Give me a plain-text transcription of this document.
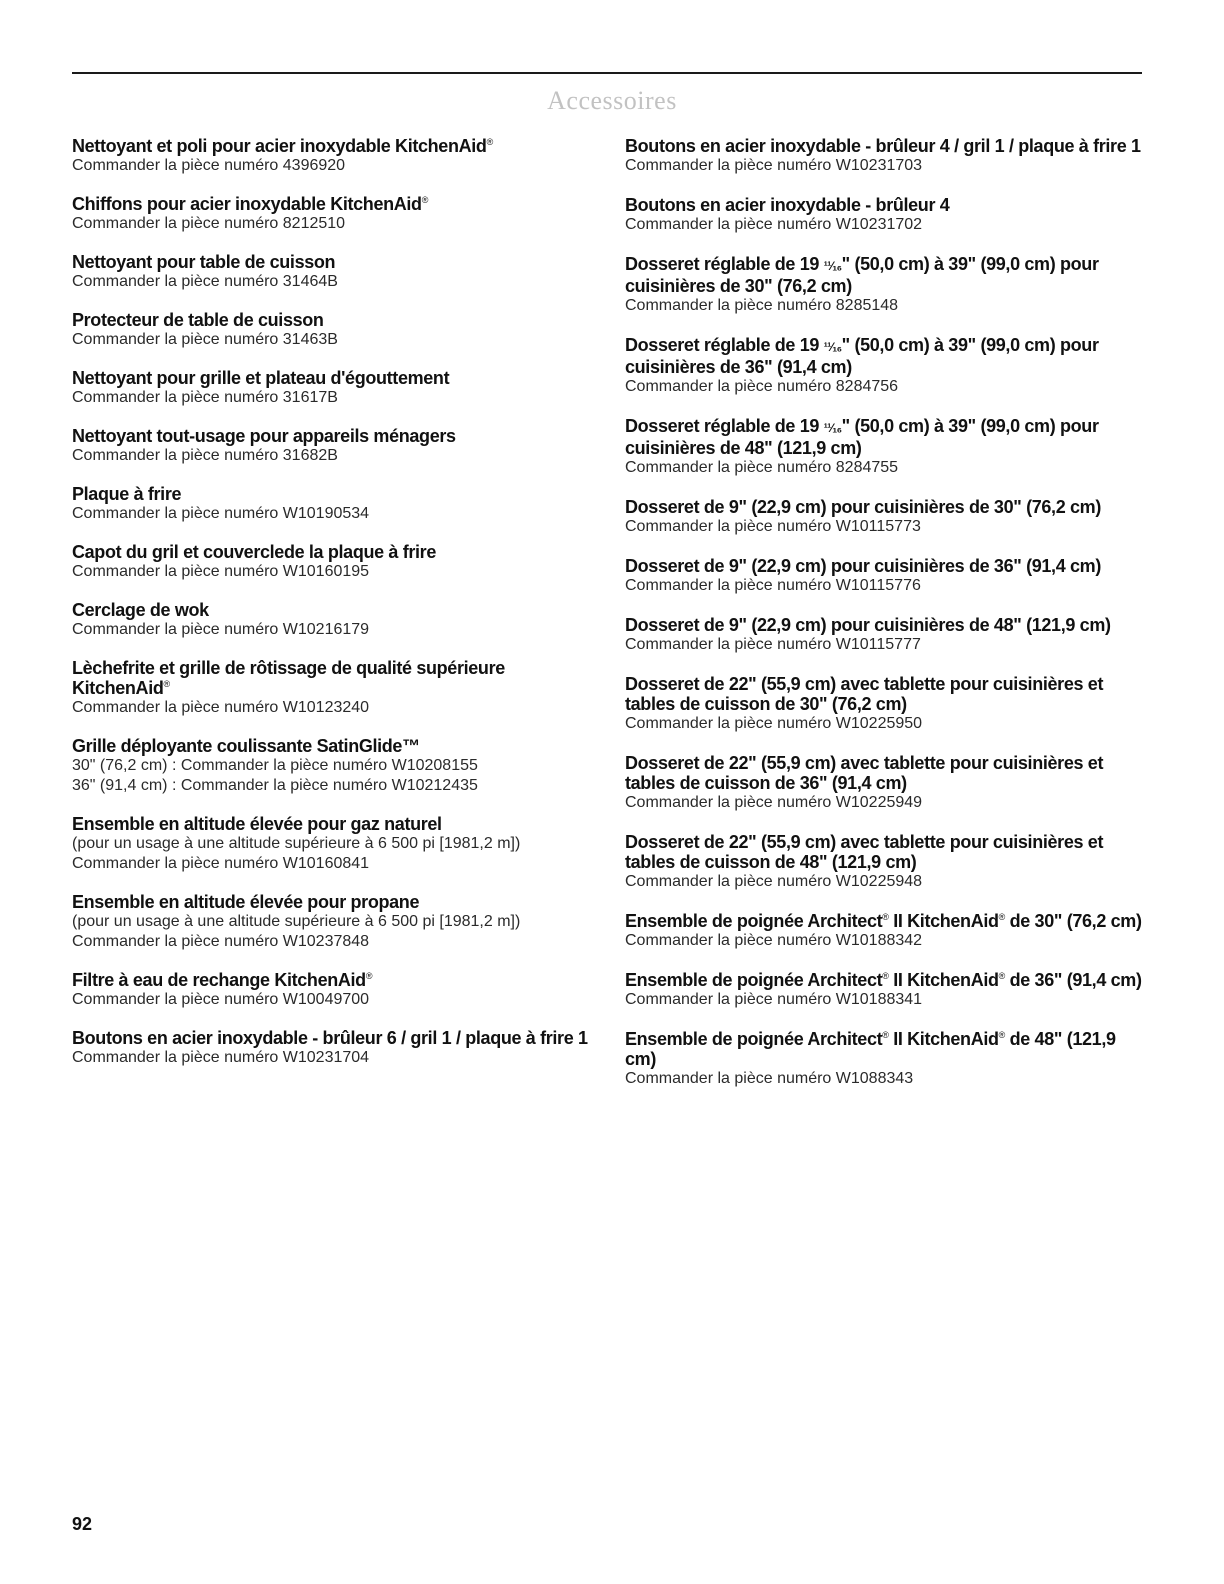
Accessoires
Nettoyant et poli pour acier inoxydable KitchenAid®
Commander la pièce numéro 4396920
Chiffons pour acier inoxydable KitchenAid®
Commander la pièce numéro 8212510
Nettoyant pour table de cuisson
Commander la pièce numéro 31464B
Protecteur de table de cuisson
Commander la pièce numéro 31463B
Nettoyant pour grille et plateau d'égouttement
Commander la pièce numéro 31617B
Nettoyant tout-usage pour appareils ménagers
Commander la pièce numéro 31682B
Plaque à frire
Commander la pièce numéro W10190534
Capot du gril et couverclede la plaque à frire
Commander la pièce numéro W10160195
Cerclage de wok
Commander la pièce numéro W10216179
Lèchefrite et grille de rôtissage de qualité supérieure KitchenAid®
Commander la pièce numéro W10123240
Grille déployante coulissante SatinGlide™
30" (76,2 cm) : Commander la pièce numéro W10208155
36" (91,4 cm) : Commander la pièce numéro W10212435
Ensemble en altitude élevée pour gaz naturel
(pour un usage à une altitude supérieure à 6 500 pi [1981,2 m])
Commander la pièce numéro W10160841
Ensemble en altitude élevée pour propane
(pour un usage à une altitude supérieure à 6 500 pi [1981,2 m])
Commander la pièce numéro W10237848
Filtre à eau de rechange KitchenAid®
Commander la pièce numéro W10049700
Boutons en acier inoxydable - brûleur 6 / gril 1 / plaque à frire 1
Commander la pièce numéro W10231704
Boutons en acier inoxydable - brûleur 4 / gril 1 / plaque à frire 1
Commander la pièce numéro W10231703
Boutons en acier inoxydable - brûleur 4
Commander la pièce numéro W10231702
Dosseret réglable de 19 ¹¹⁄₁₆" (50,0 cm) à 39" (99,0 cm) pour cuisinières de 30" (76,2 cm)
Commander la pièce numéro 8285148
Dosseret réglable de 19 ¹¹⁄₁₆" (50,0 cm) à 39" (99,0 cm) pour cuisinières de 36" (91,4 cm)
Commander la pièce numéro 8284756
Dosseret réglable de 19 ¹¹⁄₁₆" (50,0 cm) à 39" (99,0 cm) pour cuisinières de 48" (121,9 cm)
Commander la pièce numéro 8284755
Dosseret de 9" (22,9 cm) pour cuisinières de 30" (76,2 cm)
Commander la pièce numéro W10115773
Dosseret de 9" (22,9 cm) pour cuisinières de 36" (91,4 cm)
Commander la pièce numéro W10115776
Dosseret de 9" (22,9 cm) pour cuisinières de 48" (121,9 cm)
Commander la pièce numéro W10115777
Dosseret de 22" (55,9 cm) avec tablette pour cuisinières et tables de cuisson de 30" (76,2 cm)
Commander la pièce numéro W10225950
Dosseret de 22" (55,9 cm) avec tablette pour cuisinières et tables de cuisson de 36" (91,4 cm)
Commander la pièce numéro W10225949
Dosseret de 22" (55,9 cm) avec tablette pour cuisinières et tables de cuisson de 48" (121,9 cm)
Commander la pièce numéro W10225948
Ensemble de poignée Architect® II KitchenAid® de 30" (76,2 cm)
Commander la pièce numéro W10188342
Ensemble de poignée Architect® II KitchenAid® de 36" (91,4 cm)
Commander la pièce numéro W10188341
Ensemble de poignée Architect® II KitchenAid® de 48" (121,9 cm)
Commander la pièce numéro W1088343
92
